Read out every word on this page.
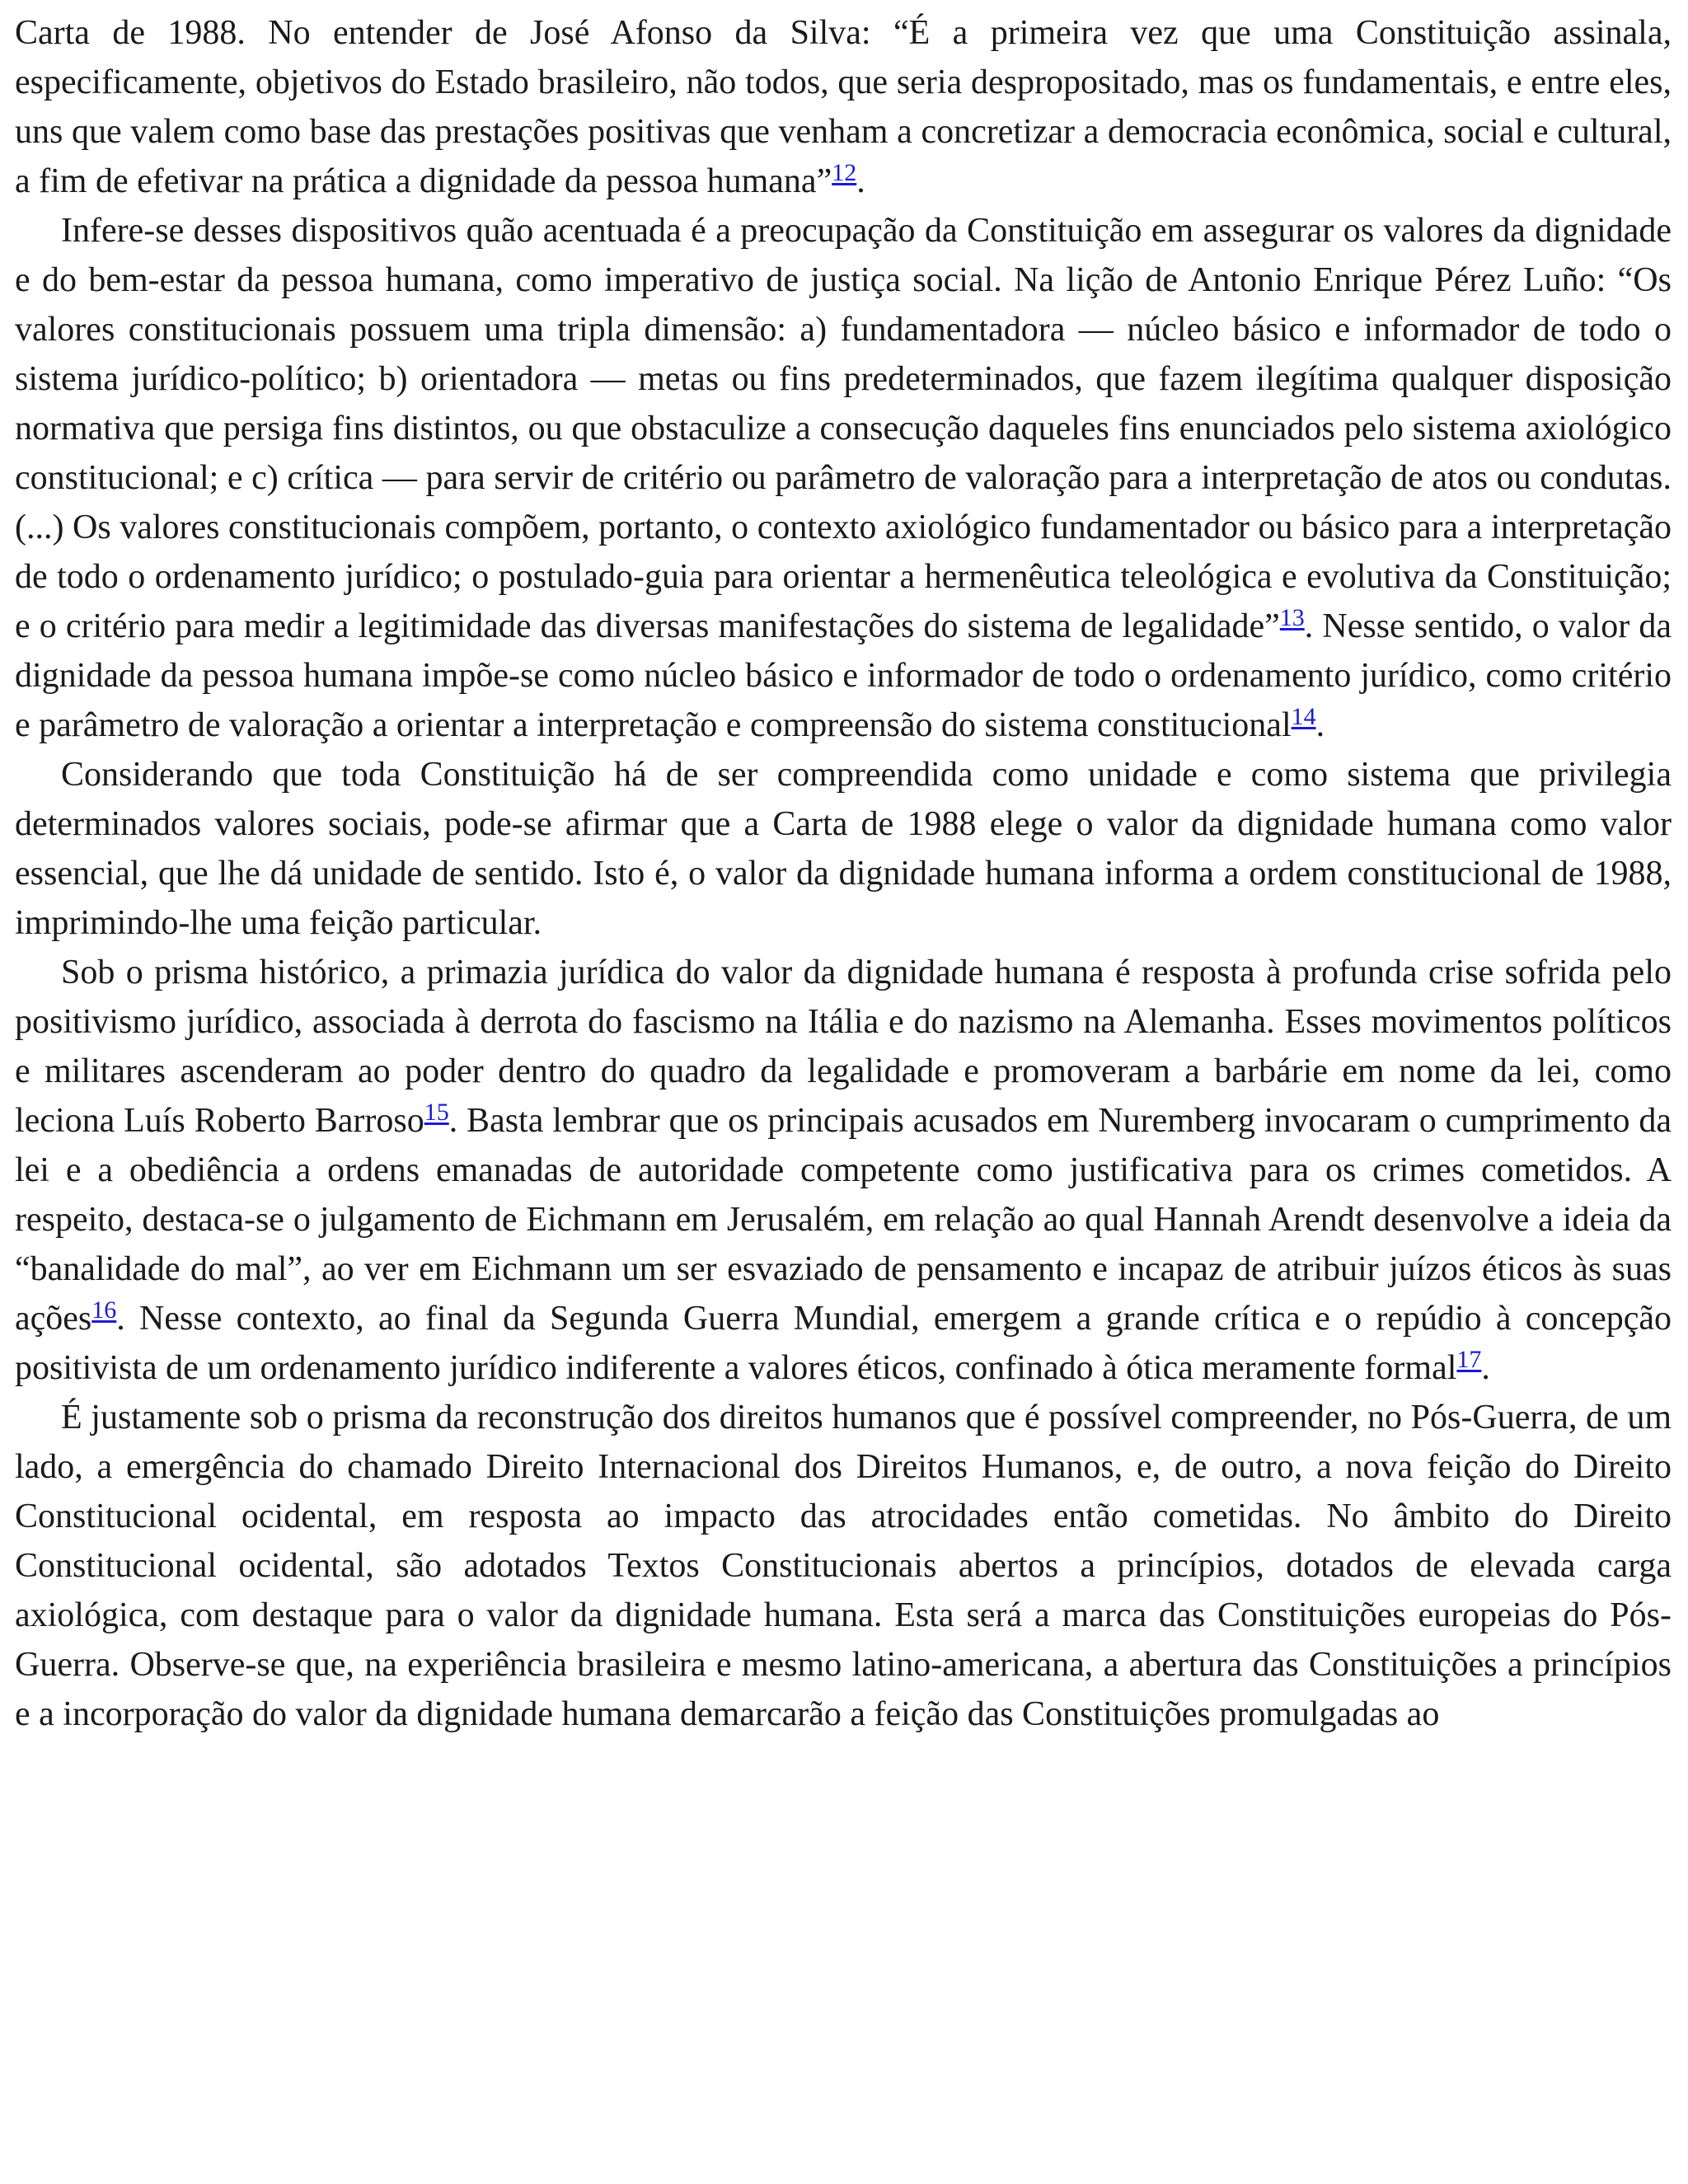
Carta de 1988. No entender de José Afonso da Silva: “É a primeira vez que uma Constituição assinala, especificamente, objetivos do Estado brasileiro, não todos, que seria despropositado, mas os fundamentais, e entre eles, uns que valem como base das prestações positivas que venham a concretizar a democracia econômica, social e cultural, a fim de efetivar na prática a dignidade da pessoa humana”$^{12}$.

Infere-se desses dispositivos quão acentuada é a preocupação da Constituição em assegurar os valores da dignidade e do bem-estar da pessoa humana, como imperativo de justiça social. Na lição de Antonio Enrique Pérez Luño: “Os valores constitucionais possuem uma tripla dimensão: a) fundamentadora — núcleo básico e informador de todo o sistema jurídico-político; b) orientadora — metas ou fins predeterminados, que fazem ilegítima qualquer disposição normativa que persiga fins distintos, ou que obstaculize a consecução daqueles fins enunciados pelo sistema axiológico constitucional; e c) crítica — para servir de critério ou parâmetro de valoração para a interpretação de atos ou condutas. (...) Os valores constitucionais compõem, portanto, o contexto axiológico fundamentador ou básico para a interpretação de todo o ordenamento jurídico; o postulado-guia para orientar a hermenêutica teleológica e evolutiva da Constituição; e o critério para medir a legitimidade das diversas manifestações do sistema de legalidade”$^{13}$. Nesse sentido, o valor da dignidade da pessoa humana impõe-se como núcleo básico e informador de todo o ordenamento jurídico, como critério e parâmetro de valoração a orientar a interpretação e compreensão do sistema constitucional$^{14}$.

Considerando que toda Constituição há de ser compreendida como unidade e como sistema que privilegia determinados valores sociais, pode-se afirmar que a Carta de 1988 elege o valor da dignidade humana como valor essencial, que lhe dá unidade de sentido. Isto é, o valor da dignidade humana informa a ordem constitucional de 1988, imprimindo-lhe uma feição particular.

Sob o prisma histórico, a primazia jurídica do valor da dignidade humana é resposta à profunda crise sofrida pelo positivismo jurídico, associada à derrota do fascismo na Itália e do nazismo na Alemanha. Esses movimentos políticos e militares ascenderam ao poder dentro do quadro da legalidade e promoveram a barbárie em nome da lei, como leciona Luís Roberto Barroso$^{15}$. Basta lembrar que os principais acusados em Nuremberg invocaram o cumprimento da lei e a obediência a ordens emanadas de autoridade competente como justificativa para os crimes cometidos. A respeito, destaca-se o julgamento de Eichmann em Jerusalém, em relação ao qual Hannah Arendt desenvolve a ideia da “banalidade do mal”, ao ver em Eichmann um ser esvaziado de pensamento e incapaz de atribuir juízos éticos às suas ações$^{16}$. Nesse contexto, ao final da Segunda Guerra Mundial, emergem a grande crítica e o repúdio à concepção positivista de um ordenamento jurídico indiferente a valores éticos, confinado à ótica meramente formal$^{17}$.

É justamente sob o prisma da reconstrução dos direitos humanos que é possível compreender, no Pós-Guerra, de um lado, a emergência do chamado Direito Internacional dos Direitos Humanos, e, de outro, a nova feição do Direito Constitucional ocidental, em resposta ao impacto das atrocidades então cometidas. No âmbito do Direito Constitucional ocidental, são adotados Textos Constitucionais abertos a princípios, dotados de elevada carga axiológica, com destaque para o valor da dignidade humana. Esta será a marca das Constituições europeias do Pós-Guerra. Observe-se que, na experiência brasileira e mesmo latino-americana, a abertura das Constituições a princípios e a incorporação do valor da dignidade humana demarcarão a feição das Constituições promulgadas ao
